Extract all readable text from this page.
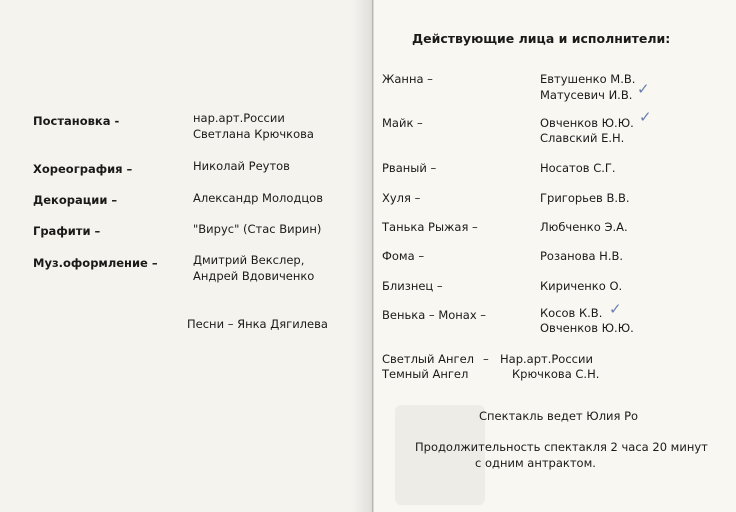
Постановка -	нар.арт.России
Светлана Крючкова
Хореография –	Николай Реутов
Декорации –	Александр Молодцов
Графити –	"Вирус" (Стас Вирин)
Муз.оформление –	Дмитрий Векслер,
Андрей Вдовиченко
Песни – Янка Дягилева
Действующие лица и исполнители:
Жанна –	Евтушенко М.В.
Матусевич И.В. ✓
Майк –	Овченков Ю.Ю.
Славский Е.Н.
✓
Рваный –	Носатов С.Г.
Хуля –	Григорьев В.В.
Танька Рыжая –	Любченко Э.А.
Фома –	Розанова Н.В.
Близнец –	Кириченко О.
Венька – Монах –	Косов К.В.
Овченков Ю.Ю.
✓
Светлый Ангел – Нар.арт.России
Темный Ангел	Крючкова С.Н.
Спектакль ведет Юлия Ро
Продолжительность спектакля 2 часа 20 минут
с одним антрактом.
